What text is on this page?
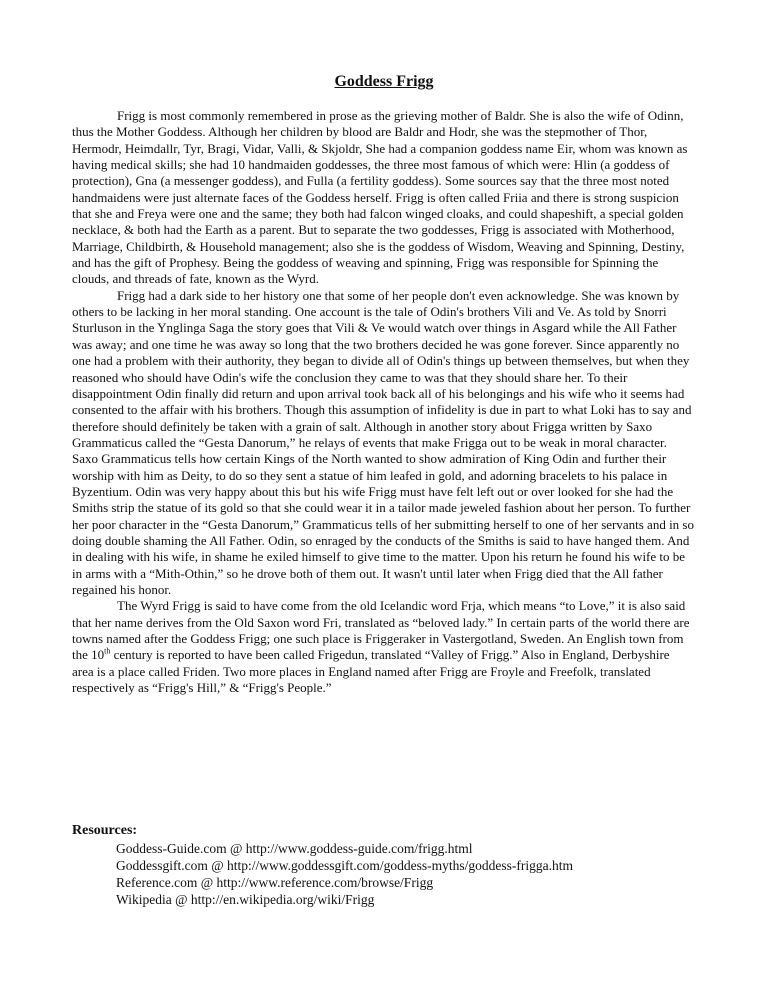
Goddess Frigg

Frigg is most commonly remembered in prose as the grieving mother of Baldr. She is also the wife of Odinn, thus the Mother Goddess. Although her children by blood are Baldr and Hodr, she was the stepmother of Thor, Hermodr, Heimdallr, Tyr, Bragi, Vidar, Valli, & Skjoldr, She had a companion goddess name Eir, whom was known as having medical skills; she had 10 handmaiden goddesses, the three most famous of which were: Hlin (a goddess of protection), Gna (a messenger goddess), and Fulla (a fertility goddess). Some sources say that the three most noted handmaidens were just alternate faces of the Goddess herself. Frigg is often called Friia and there is strong suspicion that she and Freya were one and the same; they both had falcon winged cloaks, and could shapeshift, a special golden necklace, & both had the Earth as a parent. But to separate the two goddesses, Frigg is associated with Motherhood, Marriage, Childbirth, & Household management; also she is the goddess of Wisdom, Weaving and Spinning, Destiny, and has the gift of Prophesy. Being the goddess of weaving and spinning, Frigg was responsible for Spinning the clouds, and threads of fate, known as the Wyrd.

Frigg had a dark side to her history one that some of her people don't even acknowledge. She was known by others to be lacking in her moral standing. One account is the tale of Odin's brothers Vili and Ve. As told by Snorri Sturluson in the Ynglinga Saga the story goes that Vili & Ve would watch over things in Asgard while the All Father was away; and one time he was away so long that the two brothers decided he was gone forever. Since apparently no one had a problem with their authority, they began to divide all of Odin's things up between themselves, but when they reasoned who should have Odin's wife the conclusion they came to was that they should share her. To their disappointment Odin finally did return and upon arrival took back all of his belongings and his wife who it seems had consented to the affair with his brothers. Though this assumption of infidelity is due in part to what Loki has to say and therefore should definitely be taken with a grain of salt. Although in another story about Frigga written by Saxo Grammaticus called the “Gesta Danorum,” he relays of events that make Frigga out to be weak in moral character. Saxo Grammaticus tells how certain Kings of the North wanted to show admiration of King Odin and further their worship with him as Deity, to do so they sent a statue of him leafed in gold, and adorning bracelets to his palace in Byzentium. Odin was very happy about this but his wife Frigg must have felt left out or over looked for she had the Smiths strip the statue of its gold so that she could wear it in a tailor made jeweled fashion about her person. To further her poor character in the “Gesta Danorum,” Grammaticus tells of her submitting herself to one of her servants and in so doing double shaming the All Father. Odin, so enraged by the conducts of the Smiths is said to have hanged them. And in dealing with his wife, in shame he exiled himself to give time to the matter. Upon his return he found his wife to be in arms with a “Mith-Othin,” so he drove both of them out. It wasn't until later when Frigg died that the All father regained his honor.

The Wyrd Frigg is said to have come from the old Icelandic word Frja, which means “to Love,” it is also said that her name derives from the Old Saxon word Fri, translated as “beloved lady.” In certain parts of the world there are towns named after the Goddess Frigg; one such place is Friggeraker in Vastergotland, Sweden. An English town from the 10th century is reported to have been called Frigedun, translated “Valley of Frigg.” Also in England, Derbyshire area is a place called Friden. Two more places in England named after Frigg are Froyle and Freefolk, translated respectively as “Frigg's Hill,” & “Frigg's People.”

Resources:
Goddess-Guide.com @ http://www.goddess-guide.com/frigg.html
Goddessgift.com @ http://www.goddessgift.com/goddess-myths/goddess-frigga.htm
Reference.com @ http://www.reference.com/browse/Frigg
Wikipedia @ http://en.wikipedia.org/wiki/Frigg
